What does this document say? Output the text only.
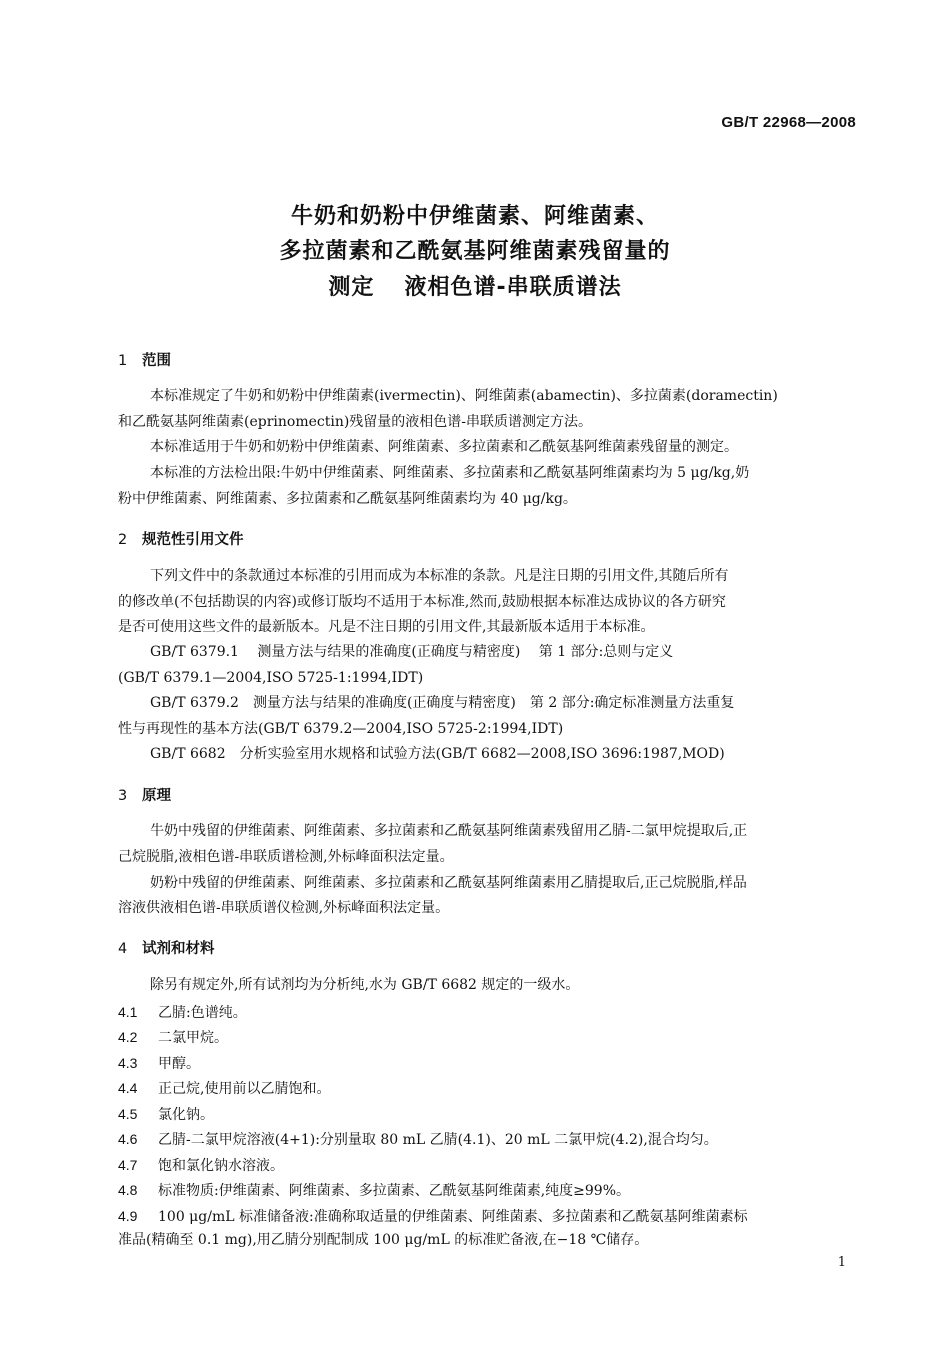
GB/T 22968—2008
牛奶和奶粉中伊维菌素、阿维菌素、
多拉菌素和乙酰氨基阿维菌素残留量的
测定 液相色谱-串联质谱法
1 范围
本标准规定了牛奶和奶粉中伊维菌素(ivermectin)、阿维菌素(abamectin)、多拉菌素(doramectin)
和乙酰氨基阿维菌素(eprinomectin)残留量的液相色谱-串联质谱测定方法。
本标准适用于牛奶和奶粉中伊维菌素、阿维菌素、多拉菌素和乙酰氨基阿维菌素残留量的测定。
本标准的方法检出限:牛奶中伊维菌素、阿维菌素、多拉菌素和乙酰氨基阿维菌素均为 5 μg/kg,奶
粉中伊维菌素、阿维菌素、多拉菌素和乙酰氨基阿维菌素均为 40 μg/kg。
2 规范性引用文件
下列文件中的条款通过本标准的引用而成为本标准的条款。凡是注日期的引用文件,其随后所有
的修改单(不包括勘误的内容)或修订版均不适用于本标准,然而,鼓励根据本标准达成协议的各方研究
是否可使用这些文件的最新版本。凡是不注日期的引用文件,其最新版本适用于本标准。
GB/T 6379.1　 测量方法与结果的准确度(正确度与精密度)　 第 1 部分:总则与定义
(GB/T 6379.1—2004,ISO 5725-1:1994,IDT)
GB/T 6379.2　测量方法与结果的准确度(正确度与精密度)　第 2 部分:确定标准测量方法重复
性与再现性的基本方法(GB/T 6379.2—2004,ISO 5725-2:1994,IDT)
GB/T 6682　分析实验室用水规格和试验方法(GB/T 6682—2008,ISO 3696:1987,MOD)
3 原理
牛奶中残留的伊维菌素、阿维菌素、多拉菌素和乙酰氨基阿维菌素残留用乙腈-二氯甲烷提取后,正
己烷脱脂,液相色谱-串联质谱检测,外标峰面积法定量。
奶粉中残留的伊维菌素、阿维菌素、多拉菌素和乙酰氨基阿维菌素用乙腈提取后,正己烷脱脂,样品
溶液供液相色谱-串联质谱仪检测,外标峰面积法定量。
4 试剂和材料
除另有规定外,所有试剂均为分析纯,水为 GB/T 6682 规定的一级水。
4.1 乙腈:色谱纯。
4.2 二氯甲烷。
4.3 甲醇。
4.4 正己烷,使用前以乙腈饱和。
4.5 氯化钠。
4.6 乙腈-二氯甲烷溶液(4+1):分别量取 80 mL 乙腈(4.1)、20 mL 二氯甲烷(4.2),混合均匀。
4.7 饱和氯化钠水溶液。
4.8 标准物质:伊维菌素、阿维菌素、多拉菌素、乙酰氨基阿维菌素,纯度≥99%。
4.9 100 μg/mL 标准储备液:准确称取适量的伊维菌素、阿维菌素、多拉菌素和乙酰氨基阿维菌素标
准品(精确至 0.1 mg),用乙腈分别配制成 100 μg/mL 的标准贮备液,在−18 ℃储存。
1
